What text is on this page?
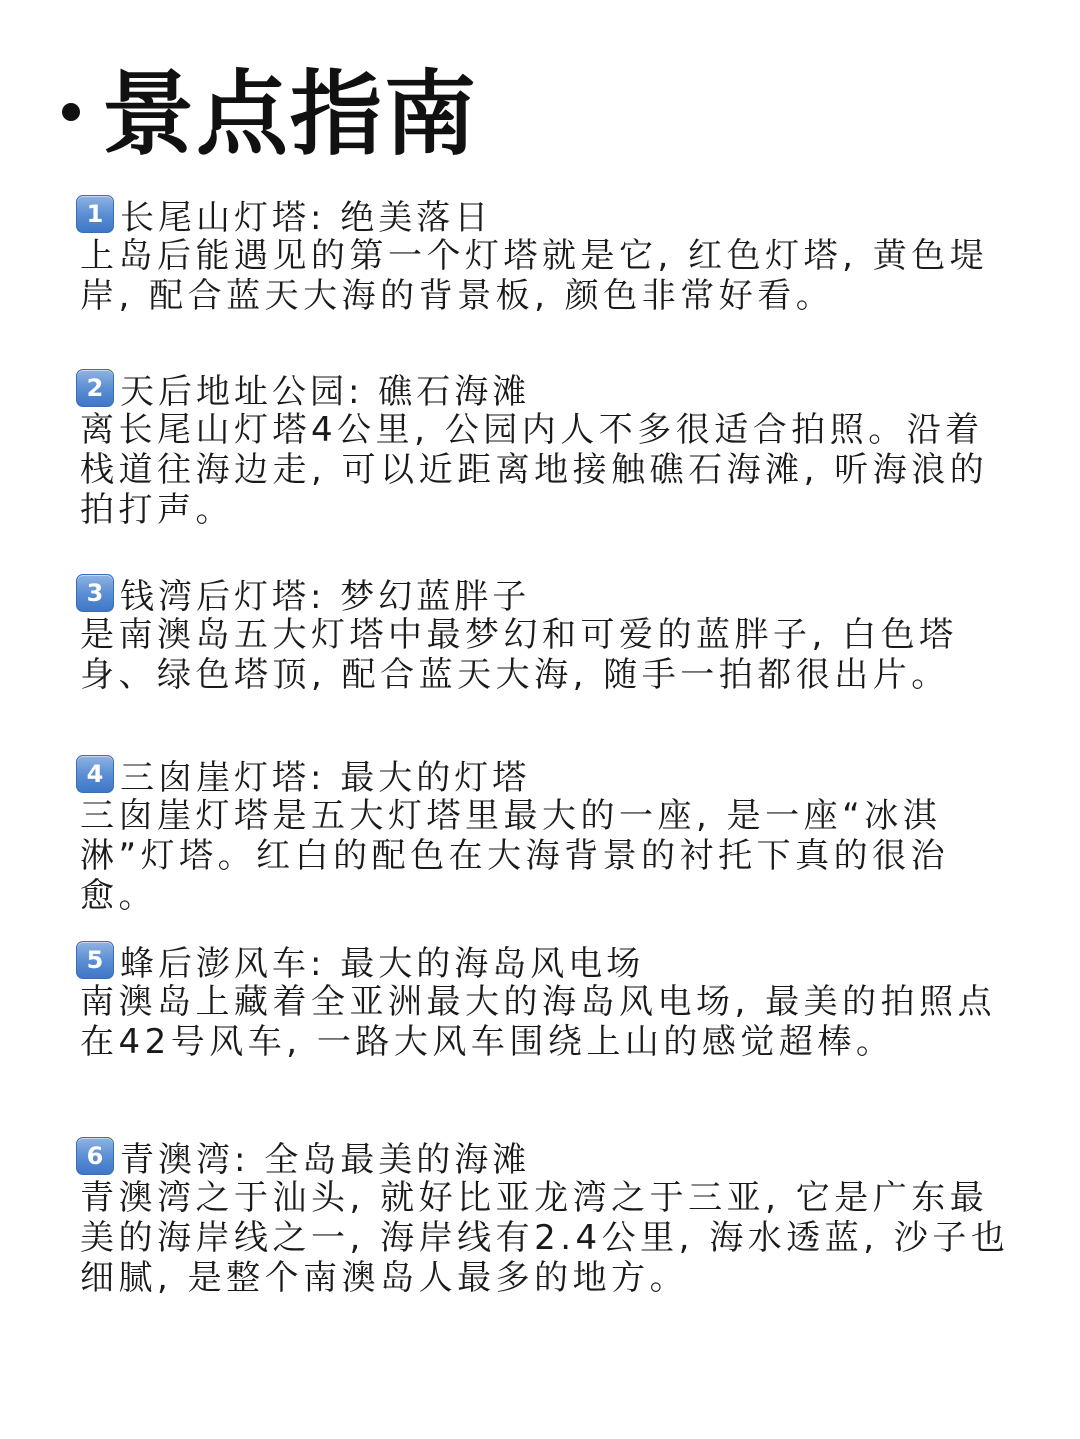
景点指南
1 长尾山灯塔: 绝美落日

上岛后能遇见的第一个灯塔就是它, 红色灯塔, 黄色堤岸, 配合蓝天大海的背景板, 颜色非常好看。

2 天后地址公园: 礁石海滩

离长尾山灯塔4公里, 公园内人不多很适合拍照。沿着栈道往海边走, 可以近距离地接触礁石海滩, 听海浪的拍打声。

3 钱湾后灯塔: 梦幻蓝胖子

是南澳岛五大灯塔中最梦幻和可爱的蓝胖子, 白色塔身、绿色塔顶, 配合蓝天大海, 随手一拍都很出片。

4 三囱崖灯塔: 最大的灯塔

三囱崖灯塔是五大灯塔里最大的一座, 是一座“冰淇淋”灯塔。红白的配色在大海背景的衬托下真的很治愈。

5 蜂后澎风车: 最大的海岛风电场

南澳岛上藏着全亚洲最大的海岛风电场, 最美的拍照点在42号风车, 一路大风车围绕上山的感觉超棒。

6 青澳湾: 全岛最美的海滩

青澳湾之于汕头, 就好比亚龙湾之于三亚, 它是广东最美的海岸线之一, 海岸线有2.4公里, 海水透蓝, 沙子也细腻, 是整个南澳岛人最多的地方。
